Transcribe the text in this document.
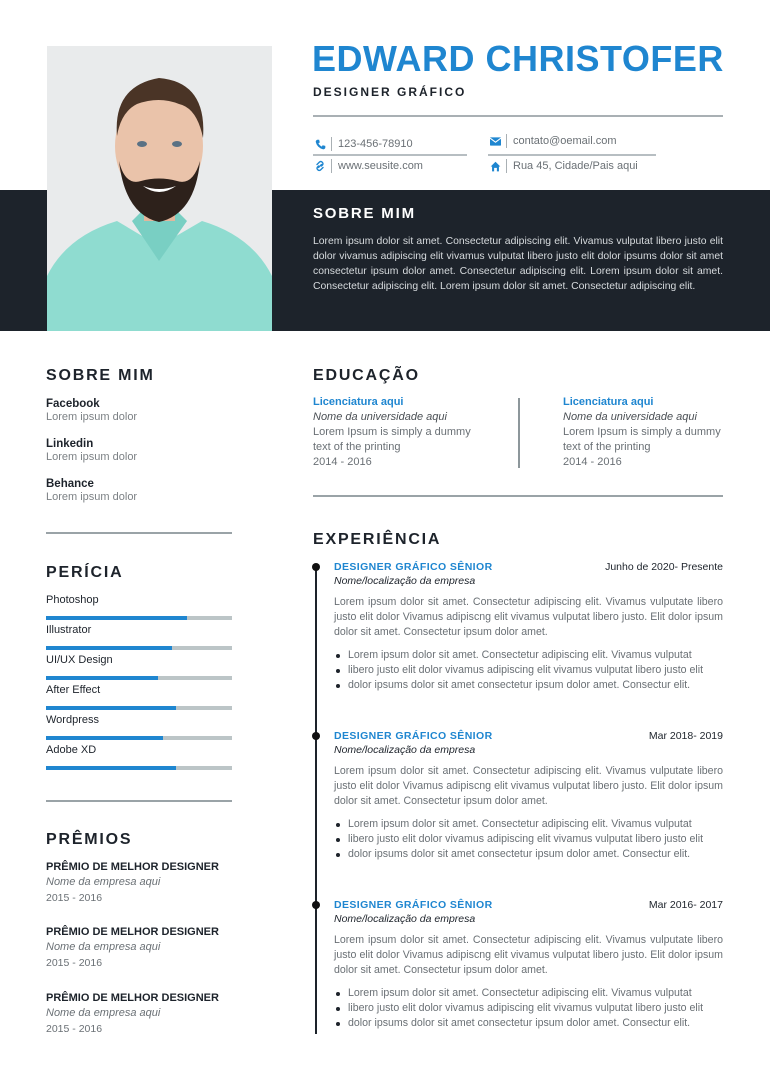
EDWARD CHRISTOFER
DESIGNER GRÁFICO
123-456-78910
www.seusite.com
contato@oemail.com
Rua 45, Cidade/Pais aqui
SOBRE MIM
Lorem ipsum dolor sit amet. Consectetur adipiscing elit. Vivamus vulputat libero justo elit dolor vivamus adipiscing elit vivamus vulputat libero justo elit dolor ipsums dolor sit amet consectetur ipsum dolor amet. Consectetur adipiscing elit. Lorem ipsum dolor sit amet. Consectetur adipiscing elit. Lorem ipsum dolor sit amet. Consectetur adipiscing elit.
SOBRE MIM
Facebook
Lorem ipsum dolor
Linkedin
Lorem ipsum dolor
Behance
Lorem ipsum dolor
PERÍCIA
Photoshop
Illustrator
UI/UX Design
After Effect
Wordpress
Adobe XD
PRÊMIOS
PRÊMIO DE MELHOR DESIGNER
Nome da empresa aqui
2015 - 2016
PRÊMIO DE MELHOR DESIGNER
Nome da empresa aqui
2015 - 2016
PRÊMIO DE MELHOR DESIGNER
Nome da empresa aqui
2015 - 2016
EDUCAÇÃO
Licenciatura aqui
Nome da universidade aqui
Lorem Ipsum is simply a dummy text of the printing
2014 - 2016
Licenciatura aqui
Nome da universidade aqui
Lorem Ipsum is simply a dummy text of the printing
2014 - 2016
EXPERIÊNCIA
DESIGNER GRÁFICO SÊNIOR	Junho de 2020- Presente
Nome/localização da empresa
Lorem ipsum dolor sit amet. Consectetur adipiscing elit. Vivamus vulputate libero justo elit dolor Vivamus adipiscng elit vivamus vulputat libero justo. Elit dolor ipsum dolor sit amet. Consectetur ipsum dolor amet.
Lorem ipsum dolor sit amet. Consectetur adipiscing elit. Vivamus vulputat
libero justo elit dolor vivamus adipiscing elit vivamus vulputat libero justo elit
dolor ipsums dolor sit amet consectetur ipsum dolor amet. Consectur elit.
DESIGNER GRÁFICO SÊNIOR	Mar 2018- 2019
Nome/localização da empresa
Lorem ipsum dolor sit amet. Consectetur adipiscing elit. Vivamus vulputate libero justo elit dolor Vivamus adipiscng elit vivamus vulputat libero justo. Elit dolor ipsum dolor sit amet. Consectetur ipsum dolor amet.
Lorem ipsum dolor sit amet. Consectetur adipiscing elit. Vivamus vulputat
libero justo elit dolor vivamus adipiscing elit vivamus vulputat libero justo elit
dolor ipsums dolor sit amet consectetur ipsum dolor amet. Consectur elit.
DESIGNER GRÁFICO SÊNIOR	Mar 2016- 2017
Nome/localização da empresa
Lorem ipsum dolor sit amet. Consectetur adipiscing elit. Vivamus vulputate libero justo elit dolor Vivamus adipiscng elit vivamus vulputat libero justo. Elit dolor ipsum dolor sit amet. Consectetur ipsum dolor amet.
Lorem ipsum dolor sit amet. Consectetur adipiscing elit. Vivamus vulputat
libero justo elit dolor vivamus adipiscing elit vivamus vulputat libero justo elit
dolor ipsums dolor sit amet consectetur ipsum dolor amet. Consectur elit.
